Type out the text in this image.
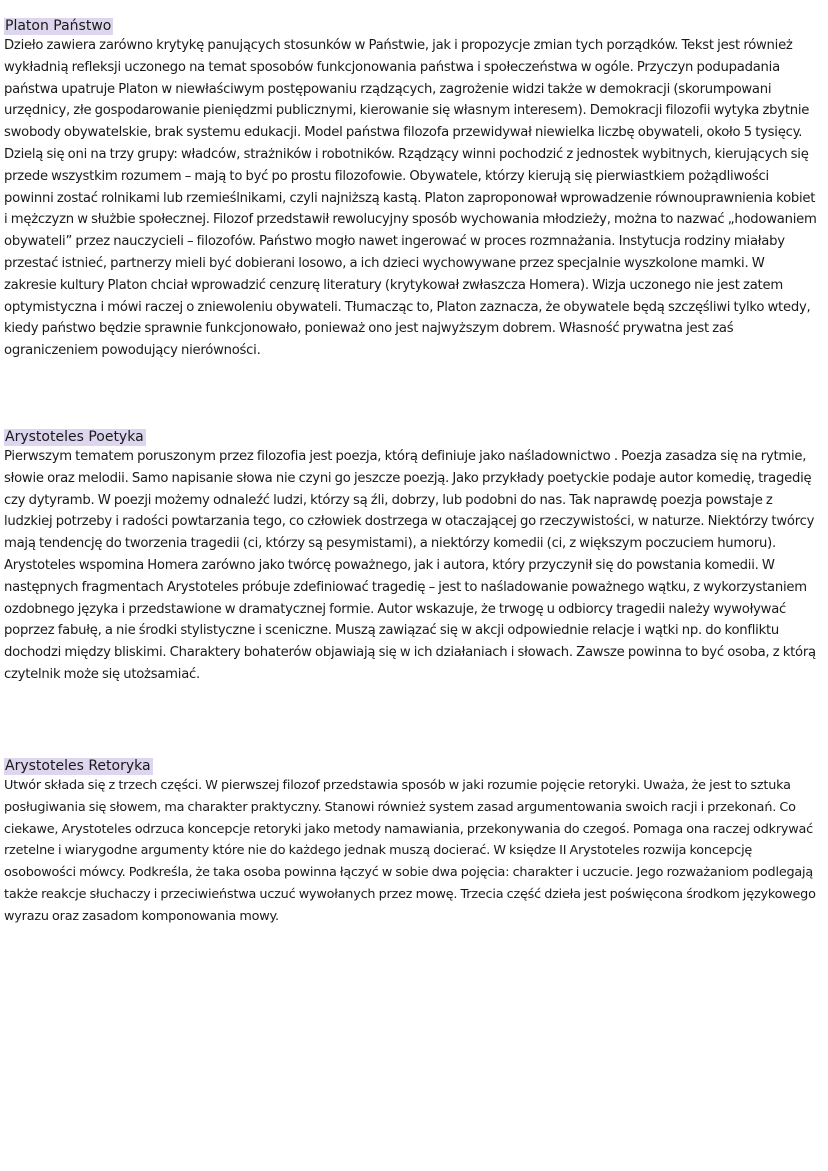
Platon Państwo

Dzieło zawiera zarówno krytykę panujących stosunków w Państwie, jak i propozycje zmian tych porządków. Tekst jest również wykładnią refleksji uczonego na temat sposobów funkcjonowania państwa i społeczeństwa w ogóle. Przyczyn podupadania państwa upatruje Platon w niewłaściwym postępowaniu rządzących, zagrożenie widzi także w demokracji (skorumpowani urzędnicy, złe gospodarowanie pieniędzmi publicznymi, kierowanie się własnym interesem). Demokracji filozofii wytyka zbytnie swobody obywatelskie, brak systemu edukacji. Model państwa filozofa przewidywał niewielka liczbę obywateli, około 5 tysięcy. Dzielą się oni na trzy grupy: władców, strażników i robotników. Rządzący winni pochodzić z jednostek wybitnych, kierujących się przede wszystkim rozumem – mają to być po prostu filozofowie. Obywatele, którzy kierują się pierwiastkiem pożądliwości powinni zostać rolnikami lub rzemieślnikami, czyli najniższą kastą. Platon zaproponował wprowadzenie równouprawnienia kobiet i mężczyzn w służbie społecznej. Filozof przedstawił rewolucyjny sposób wychowania młodzieży, można to nazwać „hodowaniem obywateli” przez nauczycieli – filozofów. Państwo mogło nawet ingerować w proces rozmnażania. Instytucja rodziny miałaby przestać istnieć, partnerzy mieli być dobierani losowo, a ich dzieci wychowywane przez specjalnie wyszkolone mamki. W zakresie kultury Platon chciał wprowadzić cenzurę literatury (krytykował zwłaszcza Homera). Wizja uczonego nie jest zatem optymistyczna i mówi raczej o zniewoleniu obywateli. Tłumacząc to, Platon zaznacza, że obywatele będą szczęśliwi tylko wtedy, kiedy państwo będzie sprawnie funkcjonowało, ponieważ ono jest najwyższym dobrem. Własność prywatna jest zaś ograniczeniem powodujący nierówności.

Arystoteles Poetyka

Pierwszym tematem poruszonym przez filozofia jest poezja, którą definiuje jako naśladownictwo . Poezja zasadza się na rytmie, słowie oraz melodii. Samo napisanie słowa nie czyni go jeszcze poezją. Jako przykłady poetyckie podaje autor komedię, tragedię czy dytyramb. W poezji możemy odnaleźć ludzi, którzy są źli, dobrzy, lub podobni do nas. Tak naprawdę poezja powstaje z ludzkiej potrzeby i radości powtarzania tego, co człowiek dostrzega w otaczającej go rzeczywistości, w naturze. Niektórzy twórcy mają tendencję do tworzenia tragedii (ci, którzy są pesymistami), a niektórzy komedii (ci, z większym poczuciem humoru). Arystoteles wspomina Homera zarówno jako twórcę poważnego, jak i autora, który przyczynił się do powstania komedii. W następnych fragmentach Arystoteles próbuje zdefiniować tragedię – jest to naśladowanie poważnego wątku, z wykorzystaniem ozdobnego języka i przedstawione w dramatycznej formie. Autor wskazuje, że trwogę u odbiorcy tragedii należy wywoływać poprzez fabułę, a nie środki stylistyczne i sceniczne. Muszą zawiązać się w akcji odpowiednie relacje i wątki np. do konfliktu dochodzi między bliskimi. Charaktery bohaterów objawiają się w ich działaniach i słowach. Zawsze powinna to być osoba, z którą czytelnik może się utożsamiać.

Arystoteles Retoryka

Utwór składa się z trzech części. W pierwszej filozof przedstawia sposób w jaki rozumie pojęcie retoryki. Uważa, że jest to sztuka posługiwania się słowem, ma charakter praktyczny. Stanowi również system zasad argumentowania swoich racji i przekonań. Co ciekawe, Arystoteles odrzuca koncepcje retoryki jako metody namawiania, przekonywania do czegoś. Pomaga ona raczej odkrywać rzetelne i wiarygodne argumenty które nie do każdego jednak muszą docierać. W księdze II Arystoteles rozwija koncepcję osobowości mówcy. Podkreśla, że taka osoba powinna łączyć w sobie dwa pojęcia: charakter i uczucie. Jego rozważaniom podlegają także reakcje słuchaczy i przeciwieństwa uczuć wywołanych przez mowę. Trzecia część dzieła jest poświęcona środkom językowego wyrazu oraz zasadom komponowania mowy.
